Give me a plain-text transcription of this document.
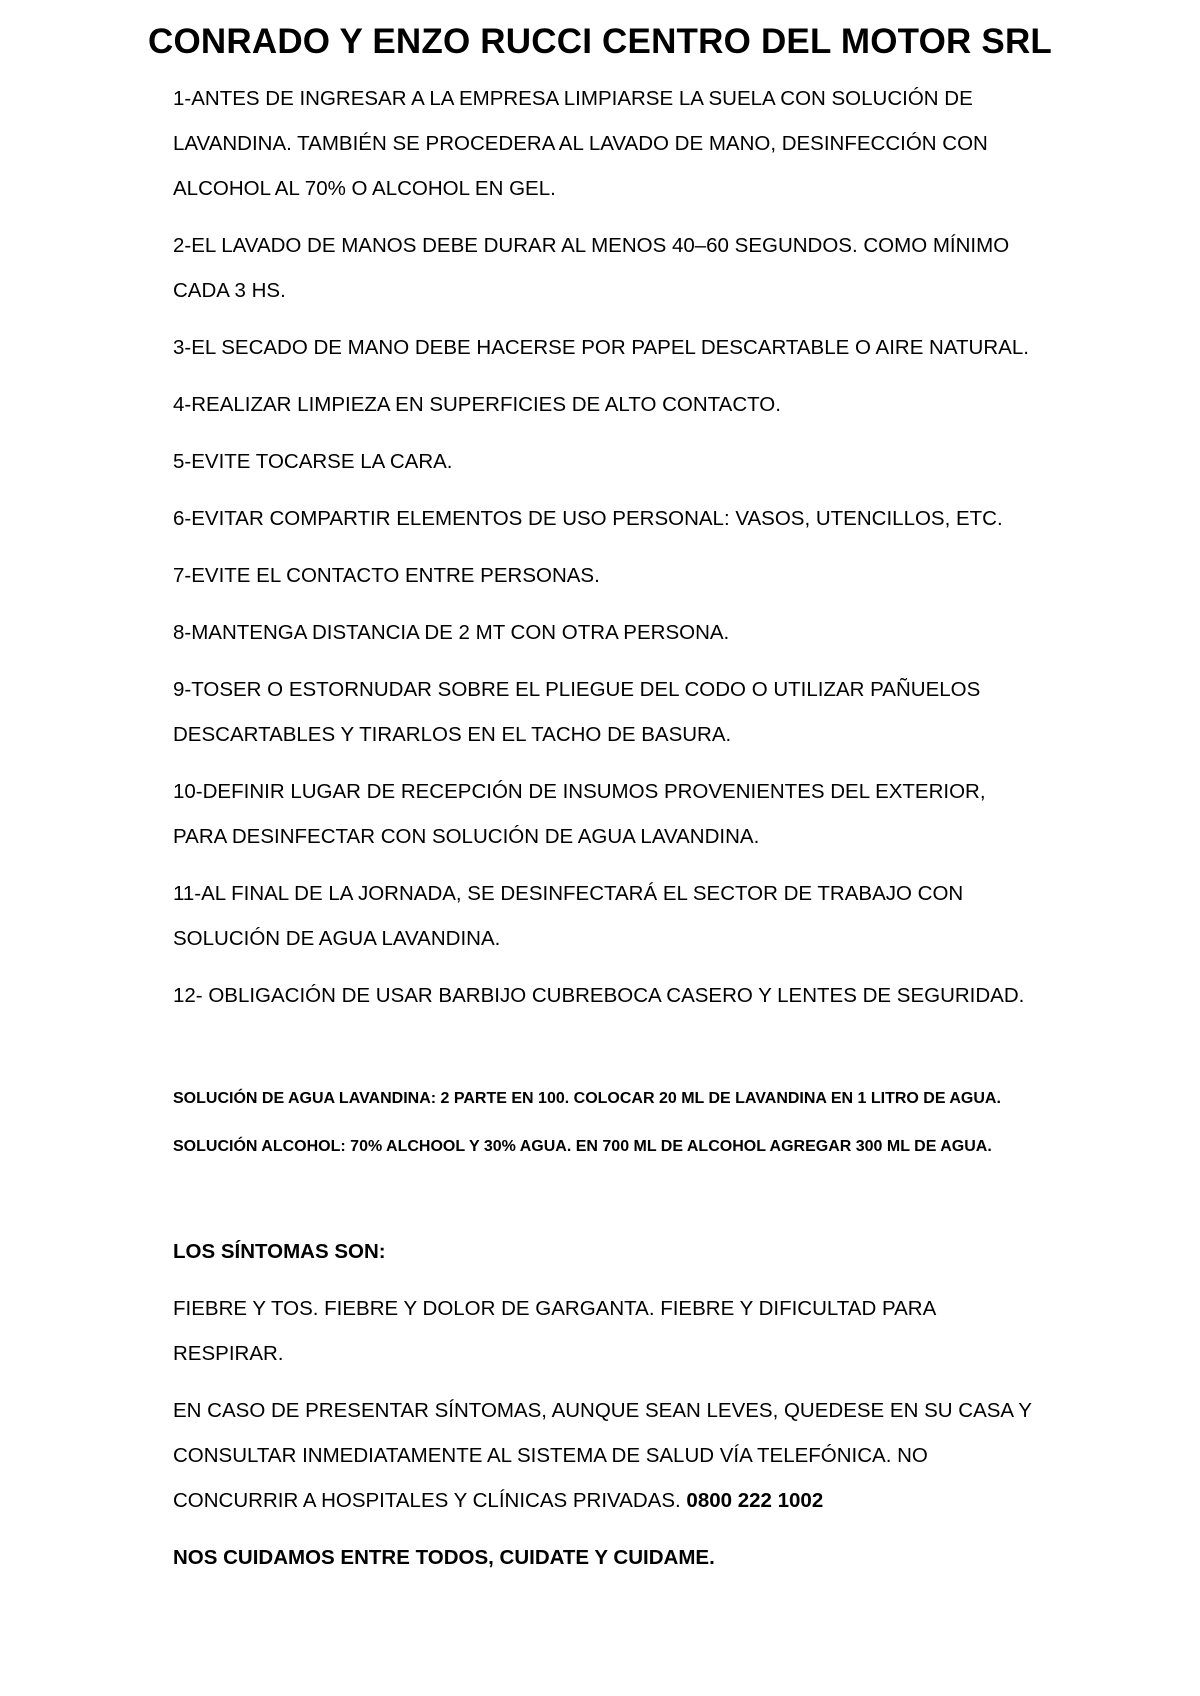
CONRADO Y ENZO RUCCI CENTRO DEL MOTOR SRL

1-ANTES DE INGRESAR A LA EMPRESA LIMPIARSE LA SUELA CON SOLUCIÓN DE LAVANDINA. TAMBIÉN SE PROCEDERA AL LAVADO DE MANO, DESINFECCIÓN CON ALCOHOL AL 70% O ALCOHOL EN GEL.

2-EL LAVADO DE MANOS DEBE DURAR AL MENOS 40–60 SEGUNDOS. COMO MÍNIMO CADA 3 HS.

3-EL SECADO DE MANO DEBE HACERSE POR PAPEL DESCARTABLE O AIRE NATURAL.

4-REALIZAR LIMPIEZA EN SUPERFICIES DE ALTO CONTACTO.

5-EVITE TOCARSE LA CARA.

6-EVITAR COMPARTIR ELEMENTOS DE USO PERSONAL: VASOS, UTENCILLOS, ETC.

7-EVITE EL CONTACTO ENTRE PERSONAS.

8-MANTENGA DISTANCIA DE 2 MT CON OTRA PERSONA.

9-TOSER O ESTORNUDAR SOBRE EL PLIEGUE DEL CODO O UTILIZAR PAÑUELOS DESCARTABLES Y TIRARLOS EN EL TACHO DE BASURA.

10-DEFINIR LUGAR DE RECEPCIÓN DE INSUMOS PROVENIENTES DEL EXTERIOR, PARA DESINFECTAR CON SOLUCIÓN DE AGUA LAVANDINA.

11-AL FINAL DE LA JORNADA, SE DESINFECTARÁ EL SECTOR DE TRABAJO CON SOLUCIÓN DE AGUA LAVANDINA.

12- OBLIGACIÓN DE USAR BARBIJO CUBREBOCA CASERO Y LENTES DE SEGURIDAD.

SOLUCIÓN DE AGUA LAVANDINA: 2 PARTE EN 100. COLOCAR 20 ML DE LAVANDINA EN 1 LITRO DE AGUA.

SOLUCIÓN ALCOHOL: 70% ALCHOOL Y 30% AGUA. EN 700 ML DE ALCOHOL AGREGAR 300 ML DE AGUA.

LOS SÍNTOMAS SON:

FIEBRE Y TOS. FIEBRE Y DOLOR DE GARGANTA. FIEBRE Y DIFICULTAD PARA RESPIRAR.

EN CASO DE PRESENTAR SÍNTOMAS, AUNQUE SEAN LEVES, QUEDESE EN SU CASA Y CONSULTAR INMEDIATAMENTE AL SISTEMA DE SALUD VÍA TELEFÓNICA. NO CONCURRIR A HOSPITALES Y CLÍNICAS PRIVADAS. 0800 222 1002

NOS CUIDAMOS ENTRE TODOS, CUIDATE Y CUIDAME.
